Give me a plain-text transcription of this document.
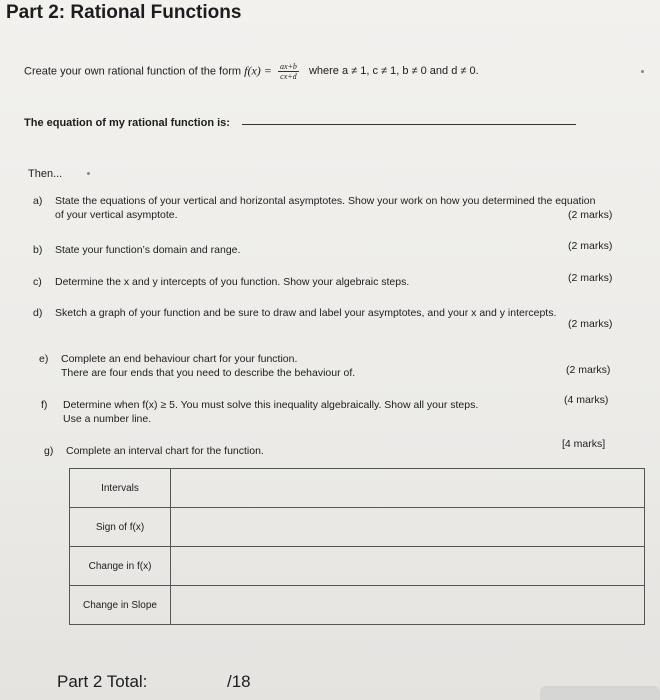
Part 2: Rational Functions
Create your own rational function of the form $f(x) = \frac{ax+b}{cx+d}$ where a ≠ 1, c ≠ 1, b ≠ 0 and d ≠ 0.
The equation of my rational function is:
Then...
a) State the equations of your vertical and horizontal asymptotes. Show your work on how you determined the equation
of your vertical asymptote.	(2 marks)
b) State your function’s domain and range.	(2 marks)
c) Determine the x and y intercepts of you function. Show your algebraic steps.	(2 marks)
d) Sketch a graph of your function and be sure to draw and label your asymptotes, and your x and y intercepts.
(2 marks)
e) Complete an end behaviour chart for your function.
There are four ends that you need to describe the behaviour of.	(2 marks)
f) Determine when f(x) ≥ 5. You must solve this inequality algebraically. Show all your steps.
Use a number line.
(4 marks)
g) Complete an interval chart for the function.
[4 marks]
Intervals	
Sign of f(x)	
Change in f(x)	
Change in Slope	
Part 2 Total:	/18
